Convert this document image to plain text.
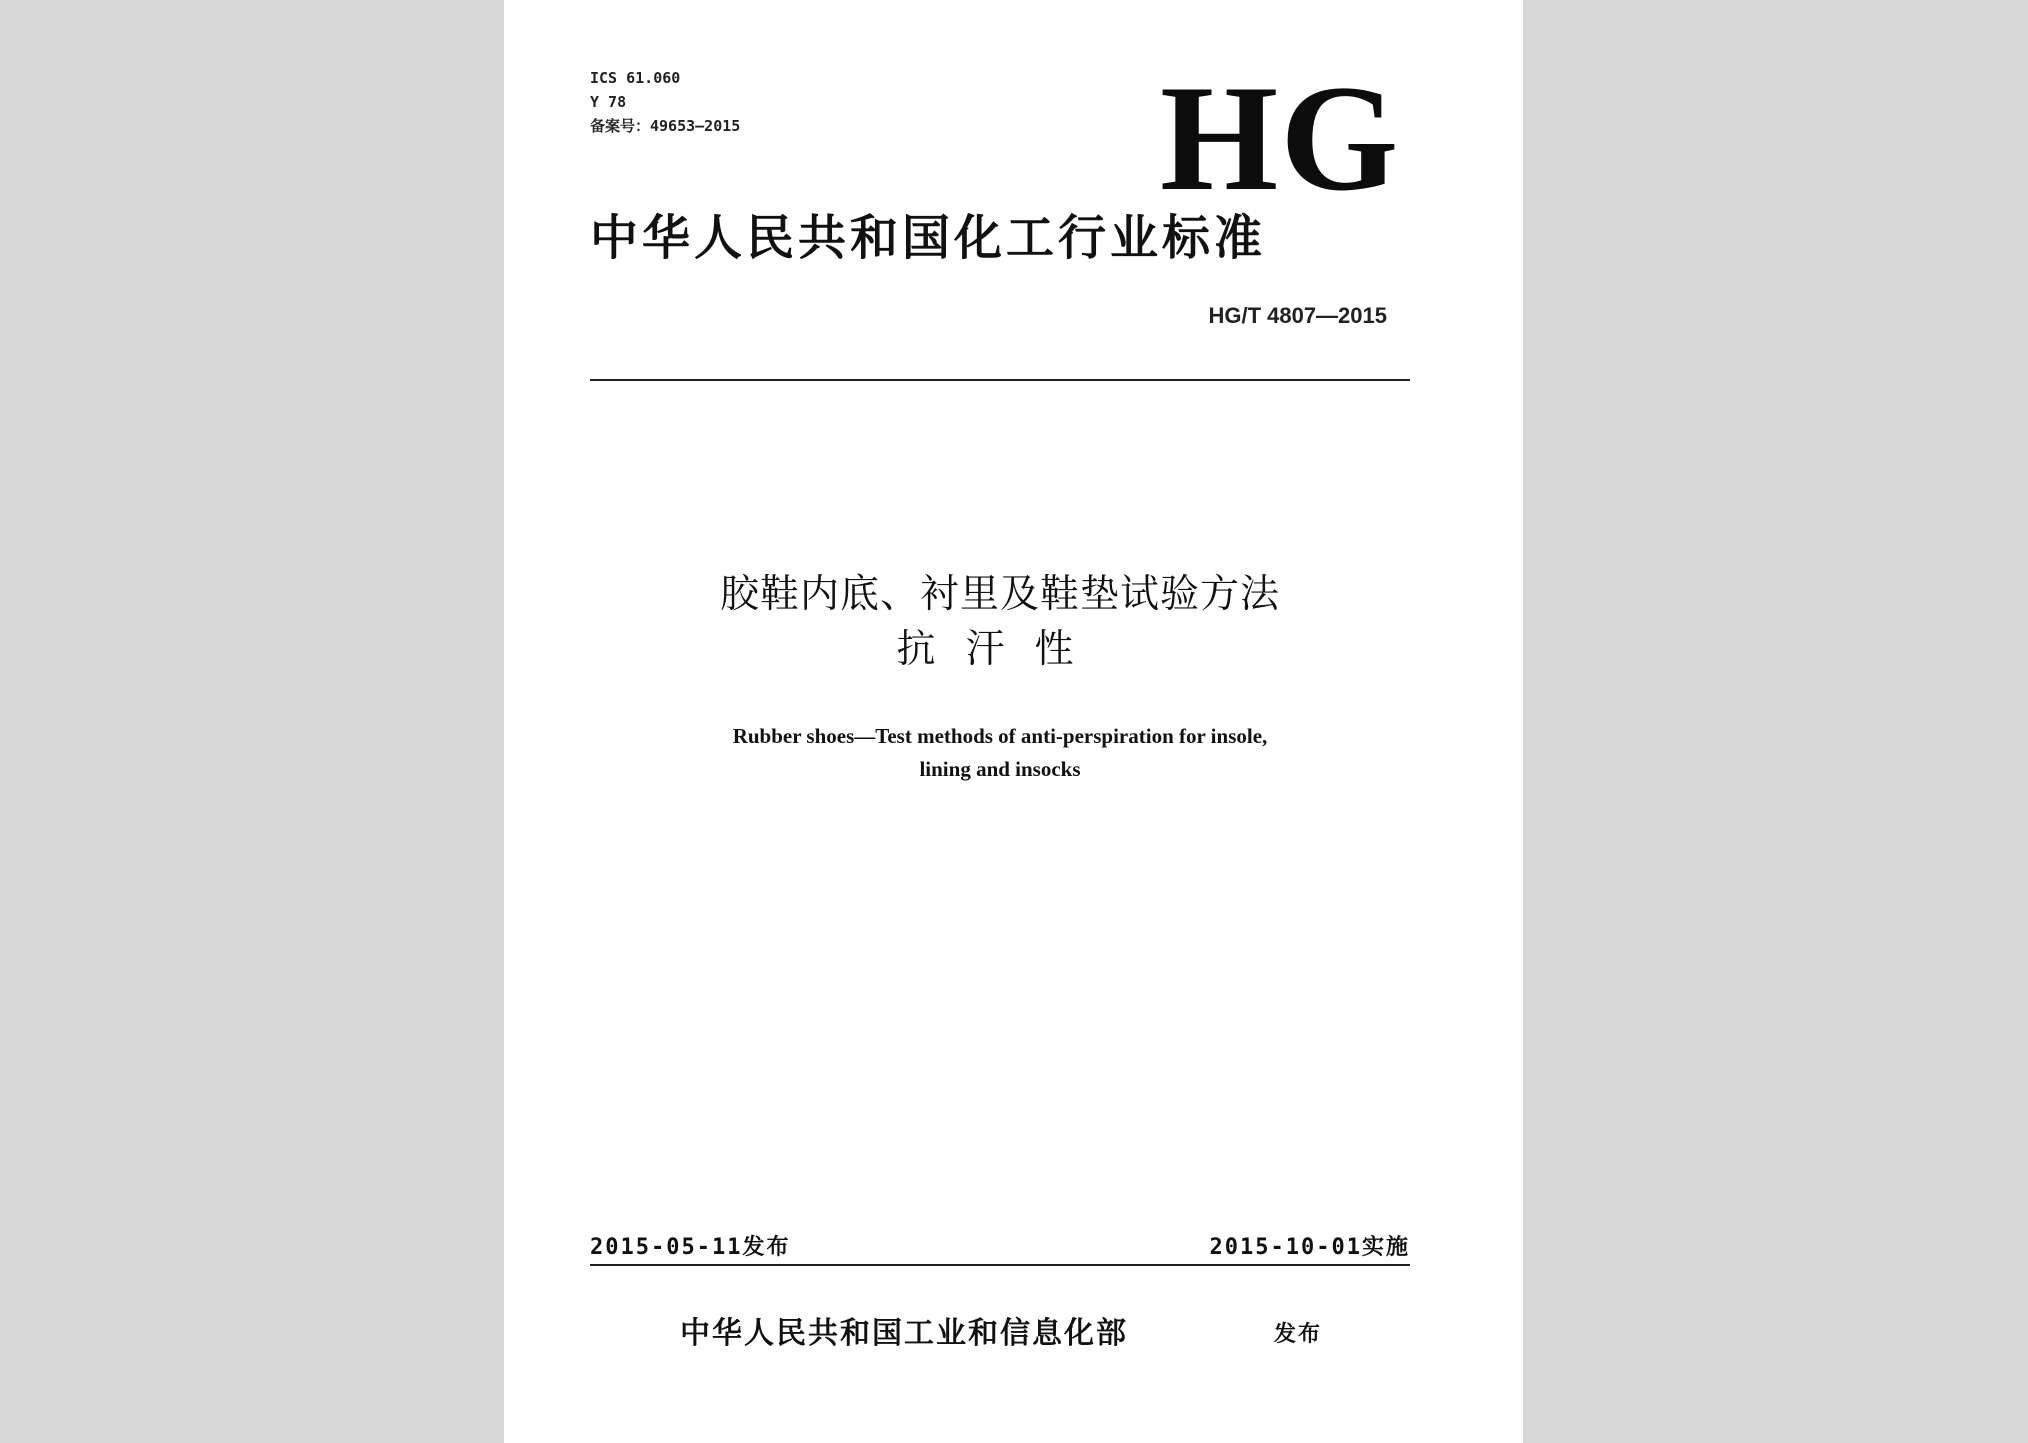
ICS 61.060
Y 78
备案号：49653—2015	HG
中华人民共和国化工行业标准
HG/T 4807—2015
胶鞋内底、衬里及鞋垫试验方法
抗汗性
Rubber shoes—Test methods of anti-perspiration for insole,
lining and insocks
2015-05-11发布	2015-10-01实施
中华人民共和国工业和信息化部	发布
